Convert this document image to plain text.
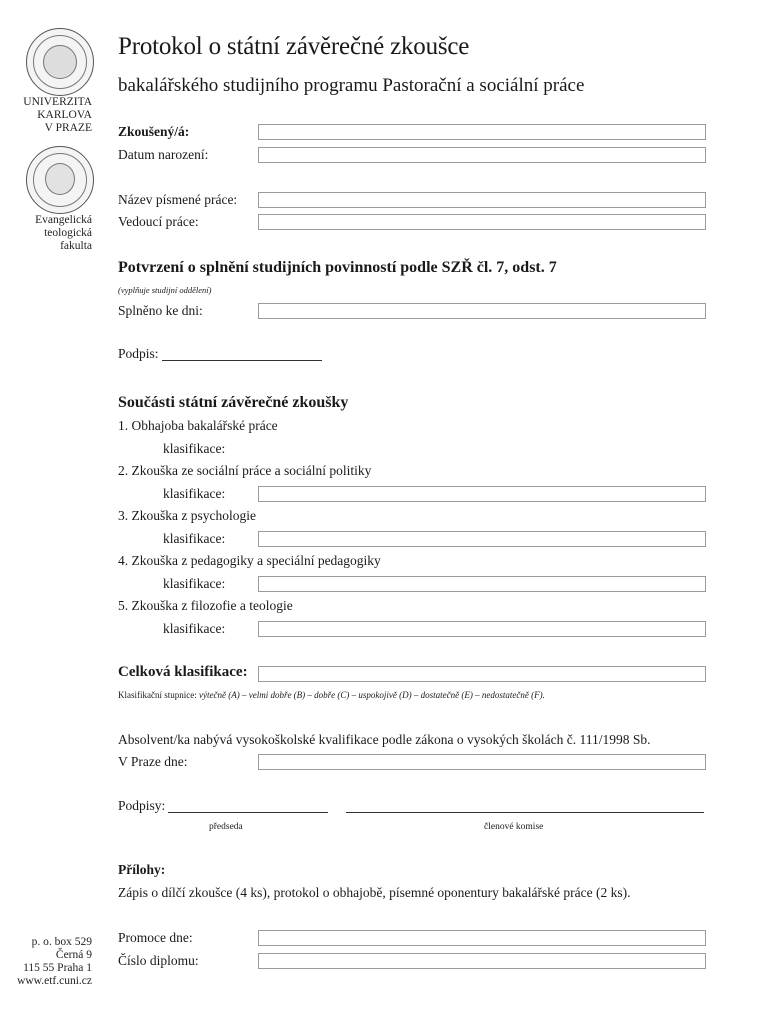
UNIVERZITA
KARLOVA
V PRAZE
Evangelická
teologická
fakulta
p. o. box 529
Černá 9
115 55 Praha 1
www.etf.cuni.cz
Protokol o státní závěrečné zkoušce
bakalářského studijního programu Pastorační a sociální práce
Zkoušený/á:
Datum narození:
Název písmené práce:
Vedoucí práce:
Potvrzení o splnění studijních povinností podle SZŘ čl. 7, odst. 7
(vyplňuje studijní oddělení)
Splněno ke dni:
Podpis:
Součásti státní závěrečné zkoušky
1. Obhajoba bakalářské práce
klasifikace:
2. Zkouška ze sociální práce a sociální politiky
klasifikace:
3. Zkouška z psychologie
klasifikace:
4. Zkouška z pedagogiky a speciální pedagogiky
klasifikace:
5. Zkouška z filozofie a teologie
klasifikace:
Celková klasifikace:
Klasifikační stupnice: výtečně (A) – velmi dobře (B) – dobře (C) – uspokojivě (D) – dostatečně (E) – nedostatečně (F).
Absolvent/ka nabývá vysokoškolské kvalifikace podle zákona o vysokých školách č. 111/1998 Sb.
V Praze dne:
Podpisy:
předseda	členové komise
Přílohy:
Zápis o dílčí zkoušce (4 ks), protokol o obhajobě, písemné oponentury bakalářské práce (2 ks).
Promoce dne:
Číslo diplomu:
